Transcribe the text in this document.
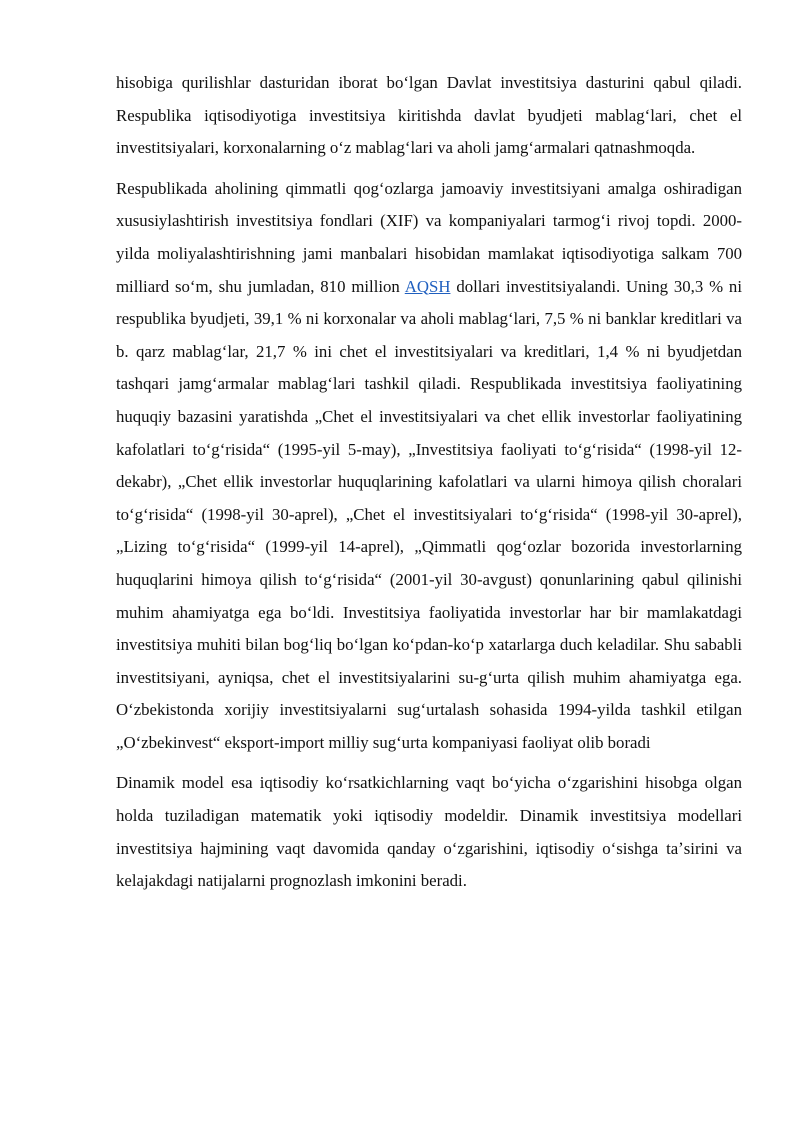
hisobiga qurilishlar dasturidan iborat boʻlgan Davlat investitsiya dasturini qabul qiladi. Respublika iqtisodiyotiga investitsiya kiritishda davlat byudjeti mablagʻlari, chet el investitsiyalari, korxonalarning oʻz mablagʻlari va aholi jamgʻarmalari qatnashmoqda.

Respublikada aholining qimmatli qogʻozlarga jamoaviy investitsiyani amalga oshiradigan xususiylashtirish investitsiya fondlari (XIF) va kompaniyalari tarmogʻi rivoj topdi. 2000-yilda moliyalashtirishning jami manbalari hisobidan mamlakat iqtisodiyotiga salkam 700 milliard soʻm, shu jumladan, 810 million AQSH dollari investitsiyalandi. Uning 30,3 % ni respublika byudjeti, 39,1 % ni korxonalar va aholi mablagʻlari, 7,5 % ni banklar kreditlari va b. qarz mablagʻlar, 21,7 % ini chet el investitsiyalari va kreditlari, 1,4 % ni byudjetdan tashqari jamgʻarmalar mablagʻlari tashkil qiladi. Respublikada investitsiya faoliyatining huquqiy bazasini yaratishda „Chet el investitsiyalari va chet ellik investorlar faoliyatining kafolatlari toʻgʻrisida“ (1995-yil 5-may), „Investitsiya faoliyati toʻgʻrisida“ (1998-yil 12-dekabr), „Chet ellik investorlar huquqlarining kafolatlari va ularni himoya qilish choralari toʻgʻrisida“ (1998-yil 30-aprel), „Chet el investitsiyalari toʻgʻrisida“ (1998-yil 30-aprel), „Lizing toʻgʻrisida“ (1999-yil 14-aprel), „Qimmatli qogʻozlar bozorida investorlarning huquqlarini himoya qilish toʻgʻrisida“ (2001-yil 30-avgust) qonunlarining qabul qilinishi muhim ahamiyatga ega boʻldi. Investitsiya faoliyatida investorlar har bir mamlakatdagi investitsiya muhiti bilan bogʻliq boʻlgan koʻpdan-koʻp xatarlarga duch keladilar. Shu sababli investitsiyani, ayniqsa, chet el investitsiyalarini su-gʻurta qilish muhim ahamiyatga ega. Oʻzbekistonda xorijiy investitsiyalarni sugʻurtalash sohasida 1994-yilda tashkil etilgan „Oʻzbekinvest“ eksport-import milliy sugʻurta kompaniyasi faoliyat olib boradi

Dinamik model esa iqtisodiy koʻrsatkichlarning vaqt boʻyicha oʻzgarishini hisobga olgan holda tuziladigan matematik yoki iqtisodiy modeldir. Dinamik investitsiya modellari investitsiya hajmining vaqt davomida qanday oʻzgarishini, iqtisodiy oʻsishga taʼsirini va kelajakdagi natijalarni prognozlash imkonini beradi.
